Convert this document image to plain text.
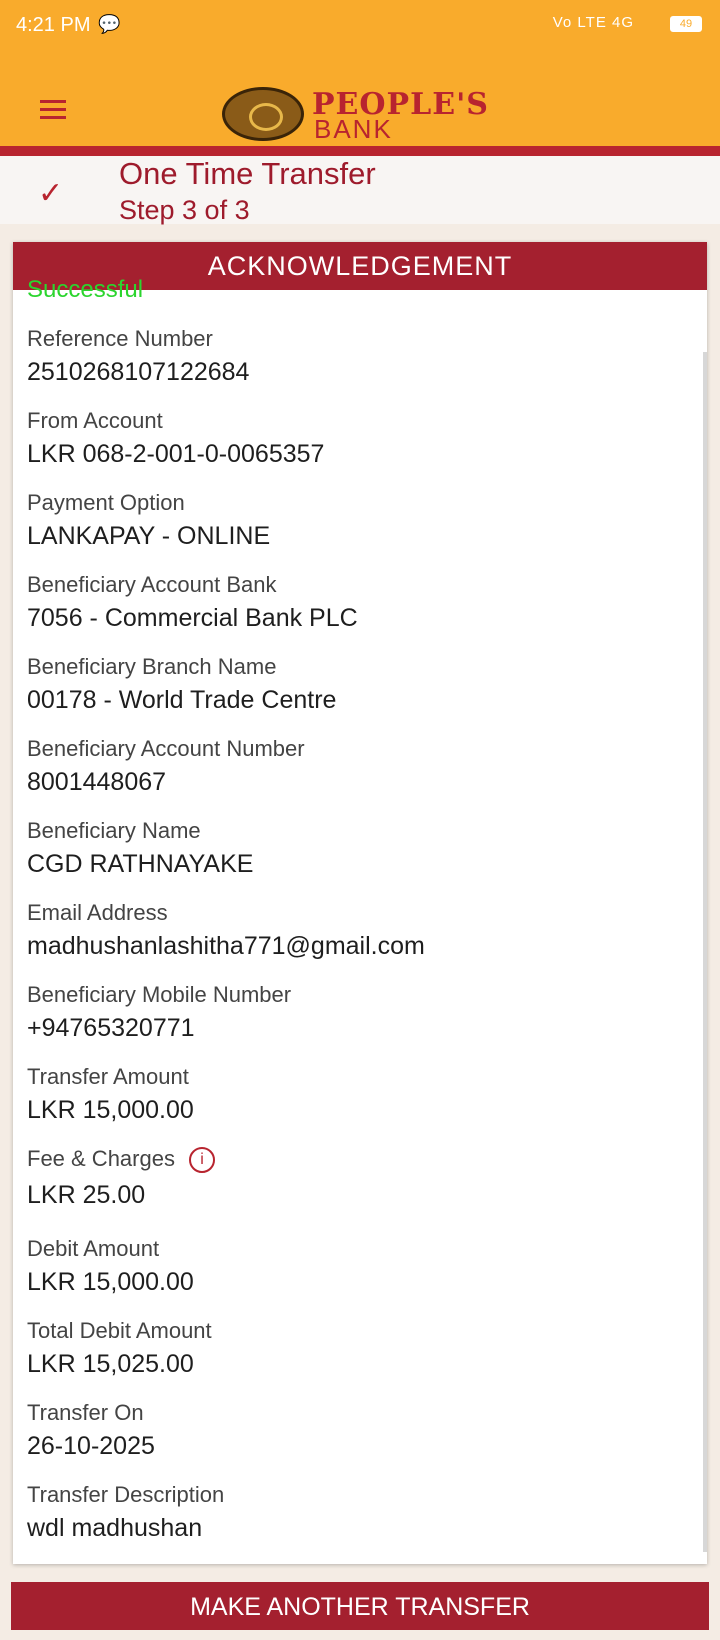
4:21 PM 💬	Vo LTE 4G	49
PEOPLE'S
BANK
✓
One Time Transfer
Step 3 of 3
ACKNOWLEDGEMENT
Successful
Reference Number
2510268107122684
From Account
LKR 068-2-001-0-0065357
Payment Option
LANKAPAY - ONLINE
Beneficiary Account Bank
7056 - Commercial Bank PLC
Beneficiary Branch Name
00178 - World Trade Centre
Beneficiary Account Number
8001448067
Beneficiary Name
CGD RATHNAYAKE
Email Address
madhushanlashitha771@gmail.com
Beneficiary Mobile Number
+94765320771
Transfer Amount
LKR 15,000.00
Fee & Charges i
LKR 25.00
Debit Amount
LKR 15,000.00
Total Debit Amount
LKR 15,025.00
Transfer On
26-10-2025
Transfer Description
wdl madhushan
MAKE ANOTHER TRANSFER
